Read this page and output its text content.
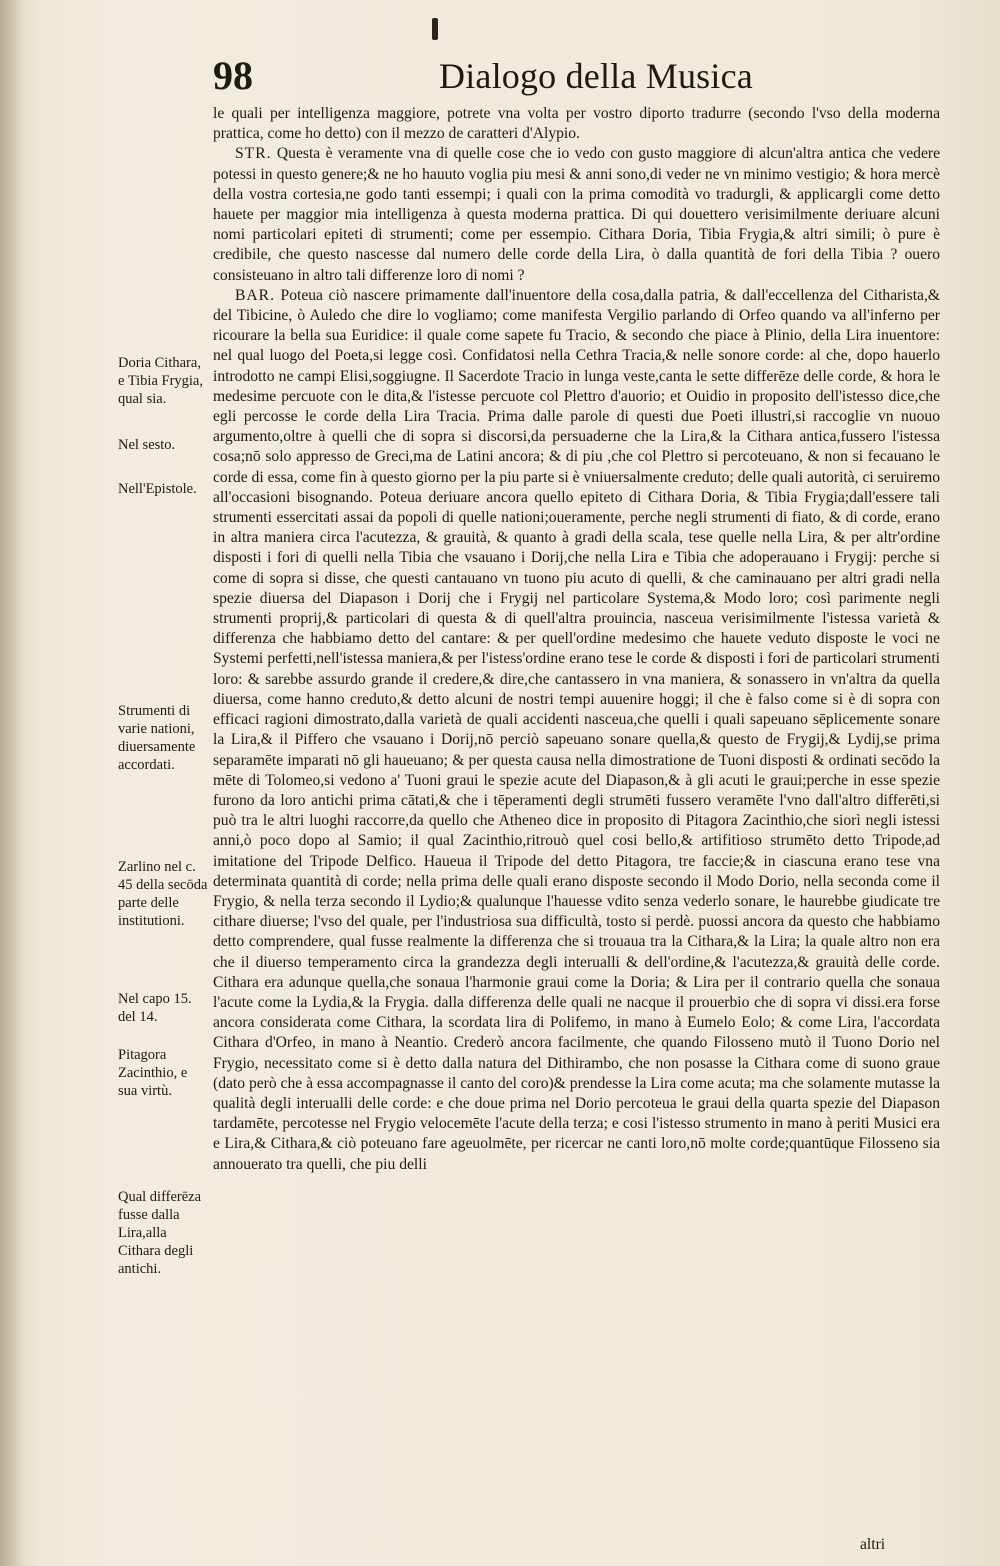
98	Dialogo della Musica

le quali per intelligenza maggiore, potrete vna volta per vostro diporto tradurre (secondo l'vso della moderna prattica, come ho detto) con il mezzo de caratteri d'Alypio.

STR. Questa è veramente vna di quelle cose che io vedo con gusto maggiore di alcun'altra antica che vedere potessi in questo genere;& ne ho hauuto voglia piu mesi & anni sono,di veder ne vn minimo vestigio; & hora mercè della vostra cortesia,ne godo tanti essempi; i quali con la prima comodità vo tradurgli, & applicargli come detto hauete per maggior mia intelligenza à questa moderna prattica. Di qui douettero verisimilmente deriuare alcuni nomi particolari epiteti di strumenti; come per essempio. Cithara Doria, Tibia Frygia,& altri simili; ò pure è credibile, che questo nascesse dal numero delle corde della Lira, ò dalla quantità de fori della Tibia ? ouero consisteuano in altro tali differenze loro di nomi ?

BAR. Poteua ciò nascere primamente dall'inuentore della cosa,dalla patria, & dall'eccellenza del Citharista,& del Tibicine, ò Auledo che dire lo vogliamo; come manifesta Vergilio parlando di Orfeo quando va all'inferno per ricourare la bella sua Euridice: il quale come sapete fu Tracio, & secondo che piace à Plinio, della Lira inuentore: nel qual luogo del Poeta,si legge così. Confidatosi nella Cethra Tracia,& nelle sonore corde: al che, dopo hauerlo introdotto ne campi Elisi,soggiugne. Il Sacerdote Tracio in lunga veste,canta le sette differēze delle corde, & hora le medesime percuote con le dita,& l'istesse percuote col Plettro d'auorio; et Ouidio in proposito dell'istesso dice,che egli percosse le corde della Lira Tracia. Prima dalle parole di questi due Poeti illustri,si raccoglie vn nuouo argumento,oltre à quelli che di sopra si discorsi,da persuaderne che la Lira,& la Cithara antica,fussero l'istessa cosa;nō solo appresso de Greci,ma de Latini ancora; & di piu ,che col Plettro si percoteuano, & non si fecauano le corde di essa, come fin à questo giorno per la piu parte si è vniuersalmente creduto; delle quali autorità, ci seruiremo all'occasioni bisognando. Poteua deriuare ancora quello epiteto di Cithara Doria, & Tibia Frygia;dall'essere tali strumenti essercitati assai da popoli di quelle nationi;oueramente, perche negli strumenti di fiato, & di corde, erano in altra maniera circa l'acutezza, & grauità, & quanto à gradi della scala, tese quelle nella Lira, & per altr'ordine disposti i fori di quelli nella Tibia che vsauano i Dorij,che nella Lira e Tibia che adoperauano i Frygij: perche si come di sopra si disse, che questi cantauano vn tuono piu acuto di quelli, & che caminauano per altri gradi nella spezie diuersa del Diapason i Dorij che i Frygij nel particolare Systema,& Modo loro; così parimente negli strumenti proprij,& particolari di questa & di quell'altra prouincia, nasceua verisimilmente l'istessa varietà & differenza che habbiamo detto del cantare: & per quell'ordine medesimo che hauete veduto disposte le voci ne Systemi perfetti,nell'istessa maniera,& per l'istess'ordine erano tese le corde & disposti i fori de particolari strumenti loro: & sarebbe assurdo grande il credere,& dire,che cantassero in vna maniera, & sonassero in vn'altra da quella diuersa, come hanno creduto,& detto alcuni de nostri tempi auuenire hoggi; il che è falso come si è di sopra con efficaci ragioni dimostrato,dalla varietà de quali accidenti nasceua,che quelli i quali sapeuano sēplicemente sonare la Lira,& il Piffero che vsauano i Dorij,nō perciò sapeuano sonare quella,& questo de Frygij,& Lydij,se prima separamēte imparati nō gli haueuano; & per questa causa nella dimostratione de Tuoni disposti & ordinati secōdo la mēte di Tolomeo,si vedono a' Tuoni graui le spezie acute del Diapason,& à gli acuti le graui;perche in esse spezie furono da loro antichi prima cātati,& che i tēperamenti degli strumēti fussero veramēte l'vno dall'altro differēti,si può tra le altri luoghi raccorre,da quello che Atheneo dice in proposito di Pitagora Zacinthio,che siorì negli istessi anni,ò poco dopo al Samio; il qual Zacinthio,ritrouò quel cosi bello,& artifitioso strumēto detto Tripode,ad imitatione del Tripode Delfico. Haueua il Tripode del detto Pitagora, tre faccie;& in ciascuna erano tese vna determinata quantità di corde; nella prima delle quali erano disposte secondo il Modo Dorio, nella seconda come il Frygio, & nella terza secondo il Lydio;& qualunque l'hauesse vdito senza vederlo sonare, le haurebbe giudicate tre cithare diuerse; l'vso del quale, per l'industriosa sua difficultà, tosto si perdè. puossi ancora da questo che habbiamo detto comprendere, qual fusse realmente la differenza che si trouaua tra la Cithara,& la Lira; la quale altro non era che il diuerso temperamento circa la grandezza degli interualli & dell'ordine,& l'acutezza,& grauità delle corde. Cithara era adunque quella,che sonaua l'harmonie graui come la Doria; & Lira per il contrario quella che sonaua l'acute come la Lydia,& la Frygia. dalla differenza delle quali ne nacque il prouerbio che di sopra vi dissi.era forse ancora considerata come Cithara, la scordata lira di Polifemo, in mano à Eumelo Eolo; & come Lira, l'accordata Cithara d'Orfeo, in mano à Neantio. Crederò ancora facilmente, che quando Filosseno mutò il Tuono Dorio nel Frygio, necessitato come si è detto dalla natura del Dithirambo, che non posasse la Cithara come di suono graue (dato però che à essa accompagnasse il canto del coro)& prendesse la Lira come acuta; ma che solamente mutasse la qualità degli interualli delle corde: e che doue prima nel Dorio percoteua le graui della quarta spezie del Diapason tardamēte, percotesse nel Frygio velocemēte l'acute della terza; e cosi l'istesso strumento in mano à periti Musici era e Lira,& Cithara,& ciò poteuano fare ageuolmēte, per ricercar ne canti loro,nō molte corde;quantūque Filosseno sia annouerato tra quelli, che piu delli

Doria Cithara, e Tibia Frygia, qual sia.
Nel sesto.
Nell'Epistole.
Strumenti di varie nationi, diuersamente accordati.
Zarlino nel c. 45 della secōda parte delle institutioni.
Nel capo 15. del 14.
Pitagora Zacinthio, e sua virtù.
Qual differēza fusse dalla Lira,alla Cithara degli antichi.
altri
